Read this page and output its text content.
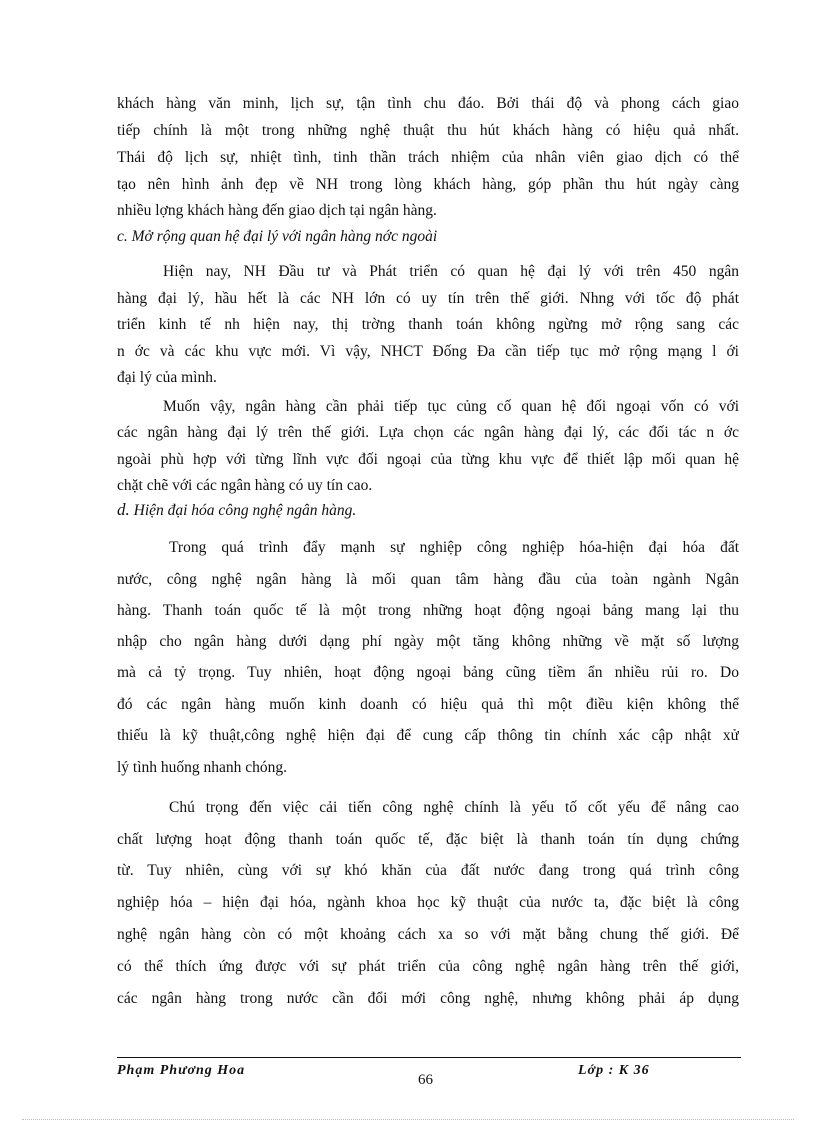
khách hàng văn minh, lịch sự, tận tình chu đáo. Bởi thái độ và phong cách giao
tiếp chính là một trong những nghệ thuật thu hút khách hàng có hiệu quả nhất.
Thái độ lịch sự, nhiệt tình, tinh thần trách nhiệm của nhân viên giao dịch có thể
tạo nên hình ảnh đẹp về NH trong lòng khách hàng, góp phần thu hút ngày càng
nhiều lợng khách hàng đến giao dịch tại ngân hàng.
c. Mở rộng quan hệ đại lý với ngân hàng nớc ngoài
Hiện nay, NH Đầu tư và Phát triển có quan hệ đại lý với trên 450 ngân
hàng đại lý, hầu hết là các NH lớn có uy tín trên thế giới. Nhng với tốc độ phát
triển kinh tế nh hiện nay, thị trờng thanh toán không ngừng mở rộng sang các
n ớc và các khu vực mới. Vì vậy, NHCT Đống Đa cần tiếp tục mở rộng mạng l ới
đại lý của mình.
Muốn vậy, ngân hàng cần phải tiếp tục củng cố quan hệ đối ngoại vốn có với
các ngân hàng đại lý trên thế giới. Lựa chọn các ngân hàng đại lý, các đối tác n ớc
ngoài phù hợp với từng lĩnh vực đối ngoại của từng khu vực để thiết lập mối quan hệ
chặt chẽ với các ngân hàng có uy tín cao.
d. Hiện đại hóa công nghệ ngân hàng.
Trong quá trình đẩy mạnh sự nghiệp công nghiệp hóa-hiện đại hóa đất
nước, công nghệ ngân hàng là mối quan tâm hàng đầu của toàn ngành Ngân
hàng. Thanh toán quốc tế là một trong những hoạt động ngoại bảng mang lại thu
nhập cho ngân hàng dưới dạng phí ngày một tăng không những về mặt số lượng
mà cả tỷ trọng. Tuy nhiên, hoạt động ngoại bảng cũng tiềm ẩn nhiều rủi ro. Do
đó các ngân hàng muốn kinh doanh có hiệu quả thì một điều kiện không thể
thiếu là kỹ thuật,công nghệ hiện đại để cung cấp thông tin chính xác cập nhật xử
lý tình huống nhanh chóng.
Chú trọng đến việc cải tiến công nghệ chính là yếu tố cốt yếu để nâng cao
chất lượng hoạt động thanh toán quốc tế, đặc biệt là thanh toán tín dụng chứng
từ. Tuy nhiên, cùng với sự khó khăn của đất nước đang trong quá trình công
nghiệp hóa – hiện đại hóa, ngành khoa học kỹ thuật của nước ta, đặc biệt là công
nghệ ngân hàng còn có một khoảng cách xa so với mặt bằng chung thế giới. Để
có thể thích ứng được với sự phát triển của công nghệ ngân hàng trên thế giới,
các ngân hàng trong nước cần đổi mới công nghệ, nhưng không phải áp dụng
Phạm Phương Hoa	Lớp : K 36
66
